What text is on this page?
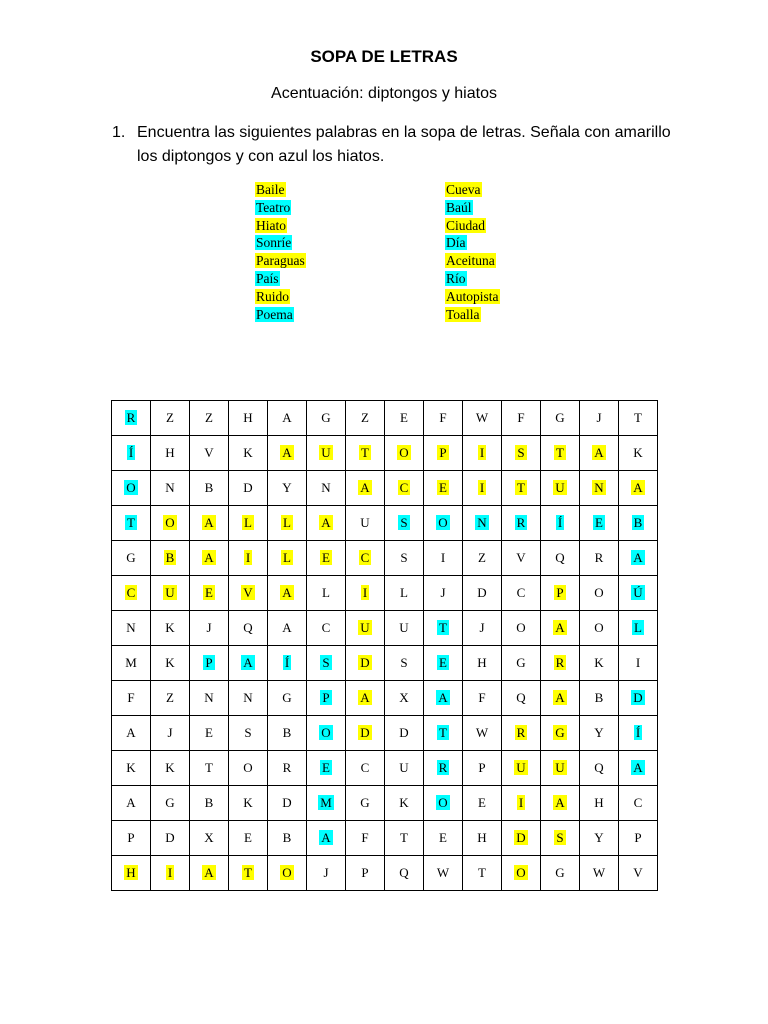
SOPA DE LETRAS
Acentuación: diptongos y hiatos
1. Encuentra las siguientes palabras en la sopa de letras. Señala con amarillo
los diptongos y con azul los hiatos.
Baile
Teatro
Hiato
Sonríe
Paraguas
País
Ruido
Poema
Cueva
Baúl
Ciudad
Día
Aceituna
Río
Autopista
Toalla
R	Z	Z	H	A	G	Z	E	F	W	F	G	J	T
Í	H	V	K	A	U	T	O	P	I	S	T	A	K
O	N	B	D	Y	N	A	C	E	I	T	U	N	A
T	O	A	L	L	A	U	S	O	N	R	Í	E	B
G	B	A	I	L	E	C	S	I	Z	V	Q	R	A
C	U	E	V	A	L	I	L	J	D	C	P	O	Ú
N	K	J	Q	A	C	U	U	T	J	O	A	O	L
M	K	P	A	Í	S	D	S	E	H	G	R	K	I
F	Z	N	N	G	P	A	X	A	F	Q	A	B	D
A	J	E	S	B	O	D	D	T	W	R	G	Y	Í
K	K	T	O	R	E	C	U	R	P	U	U	Q	A
A	G	B	K	D	M	G	K	O	E	I	A	H	C
P	D	X	E	B	A	F	T	E	H	D	S	Y	P
H	I	A	T	O	J	P	Q	W	T	O	G	W	V
